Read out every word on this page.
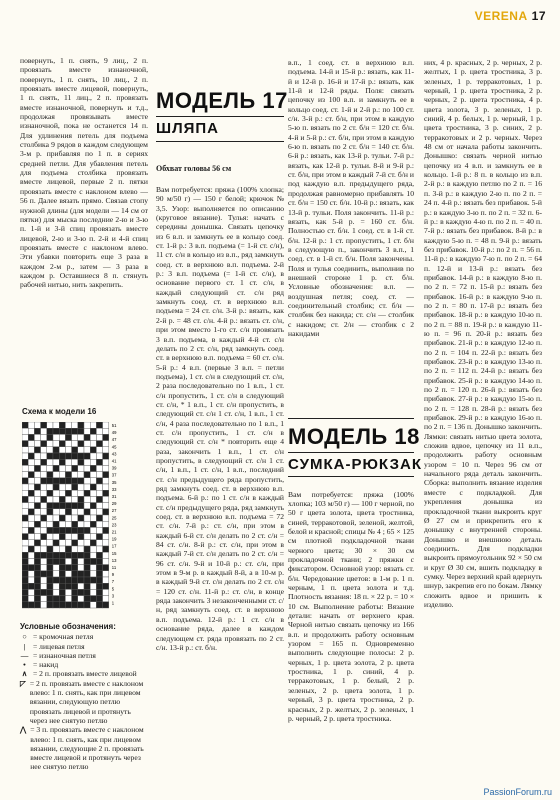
VERENA 17

повернуть, 1 п. снять, 9 лиц., 2 п. провязать вместе изнаночной, повернуть, 1 п. снять, 10 лиц., 2 п. провязать вместе лицевой, повернуть, 1 п. снять, 11 лиц., 2 п. провязать вместе изнаночной, повернуть и т.д., продолжая провязывать вместе изнаночной, пока не останется 14 п. Для удлинения петель для подъема столбика 9 рядов в каждом следующем 3-м р. прибавляя по 1 п. в сериях средней петли. Для убавления петель для подъема столбика провязать вместе лицевой, первые 2 п. пятки провязать вместе с наклоном влево — 56 п. Далее вязать прямо. Связав стопу нужной длины (для модели — 14 см от пятки) для мыска последние 2-ю и 3-ю п. 1-й и 3-й спиц провязать вместе лицевой, 2-ю и 3-ю п. 2-й и 4-й спиц провязать вместе с наклоном влево. Эти убавки повторить еще 3 раза в каждом 2-м р., затем — 3 раза в каждом р. Оставшиеся 8 п. стянуть рабочей нитью, нить закрепить.

Схема к модели 16
51
49
47
45
43
41
39
37
35
33
31
29
27
25
23
21
19
17
15
13
11
9
7
5
3
1
Условные обозначения:
○ = кромочная петля
|	= лицевая петля
— = изнаночная петля
• = накид
∧ = 2 п. провязать вместе лицевой
◸ = 2 п. провязать вместе с наклоном влево: 1 п. снять, как при лицевом вязании, следующую петлю провязать лицевой и протянуть через нее снятую петлю
⋀ = 3 п. провязать вместе с наклоном влево: 1 п. снять, как при лицевом вязании, следующие 2 п. провязать вместе лицевой и протянуть через нее снятую петлю
МОДЕЛЬ 17
ШЛЯПА
Обхват головы 56 см

Вам потребуется: пряжа (100% хлопка; 90 м/50 г) — 150 г белой; крючок № 3,5. Узор: выполняется по описанию (круговое вязание). Тулья: начать с середины донышка. Связать цепочку из 6 в.п. и замкнуть ее в кольцо соед. ст. 1-й р.: 3 в.п. подъема (= 1-й ст. с/н), 11 ст. с/н в кольцо из в.п., ряд замкнуть соед. ст. в верхнюю в.п. подъема. 2-й р.: 3 в.п. подъема (= 1-й ст. с/н), в основание первого ст. 1 ст. с/н, в каждый следующий ст. с/н ряд замкнуть соед. ст. в верхнюю в.п. подъема = 24 ст. с/н. 3-й р.: вязать, как 2-й р. = 48 ст. с/н. 4-й р.: вязать ст. с/н, при этом вместо 1-го ст. с/н провязать 3 в.п. подъема, в каждый 4-й ст. с/н делать по 2 ст. с/н, ряд замкнуть соед. ст. в верхнюю в.п. подъема = 60 ст. с/н. 5-й р.: 4 в.п. (первые 3 в.п. = петли подъема), 1 ст. с/н в следующий ст. с/н, 2 раза последовательно по 1 в.п., 1 ст. с/н пропустить, 1 ст. с/н в следующий ст. с/н, * 1 в.п., 1 ст. с/н пропустить, в следующий ст. с/н 1 ст. с/н, 1 в.п., 1 ст. с/н, 4 раза последовательно по 1 в.п., 1 ст. с/н пропустить, 1 ст. с/н в следующий ст. с/н * повторить еще 4 раза, закончить 1 в.п., 1 ст. с/н пропустить, в следующий ст. с/н 1 ст. с/н, 1 в.п., 1 ст. с/н, 1 в.п., последний ст. с/н предыдущего ряда пропустить, ряд замкнуть соед. ст. в верхнюю в.п. подъема. 6-й р.: по 1 ст. с/н в каждый ст. с/н предыдущего ряда, ряд замкнуть соед. ст. в верхнюю в.п. подъема = 72 ст. с/н. 7-й р.: ст. с/н, при этом в каждый 6-й ст. с/н делать по 2 ст. с/н = 84 ст. с/н. 8-й р.: ст. с/н, при этом в каждый 7-й ст. с/н делать по 2 ст. с/н = 96 ст. с/н. 9-й и 10-й р.: ст. с/н, при этом в 9-м р. в каждый 8-й, а в 10-м р. в каждый 9-й ст. с/н делать по 2 ст. с/н = 120 ст. с/н. 11-й р.: ст. с/н, в конце ряда закончить 3 незаконченными ст. с/н, ряд замкнуть соед. ст. в верхнюю в.п. подъема. 12-й р.: 1 ст. с/н в основание ряда, далее в каждом следующем ст. ряда провязать по 2 ст. с/н. 13-й р.: ст. б/н.

в.п., 1 соед. ст. в верхнюю в.п. подъема. 14-й и 15-й р.: вязать, как 11-й и 12-й р. 16-й и 17-й р.: вязать, как 11-й и 12-й ряды. Поля: связать цепочку из 100 в.п. и замкнуть ее в кольцо соед. ст. 1-й и 2-й р.: по 100 ст. с/н. 3-й р.: ст. б/н, при этом в каждую 5-ю п. вязать по 2 ст. б/н = 120 ст. б/н. 4-й и 5-й р.: ст. б/н, при этом в каждую 6-ю п. вязать по 2 ст. б/н = 140 ст. б/н. 6-й р.: вязать, как 13-й р. тульи. 7-й р.: вязать, как 12-й р. тульи. 8-й и 9-й р.: ст. б/н, при этом в каждый 7-й ст. б/н и под каждую в.п. предыдущего ряда, продолжая равномерно прибавлять 10 ст. б/н = 150 ст. б/н. 10-й р.: вязать, как 13-й р. тульи. Поля закончить. 11-й р.: вязать, как 5-й р. = 160 ст. б/н. Полностью ст. б/н. 1 соед. ст. в 1-й ст. б/н. 12-й р.: 1 ст. пропустить, 1 ст. б/н в следующую п., закончить 3 в.п., 1 соед. ст. в 1-й ст. б/н. Поля закончены. Поля и тулья соединить, выполнив по внешней стороне 1 р. ст. б/н. Условные обозначения: в.п. — воздушная петля; соед. ст. — соединительный столбик; ст. б/н — столбик без накида; ст. с/н — столбик с накидом; ст. 2/н — столбик с 2 накидами

МОДЕЛЬ 18
СУМКА-РЮКЗАК

Вам потребуется: пряжа (100% хлопка; 103 м/50 г) — 100 г черной, по 50 г цвета золота, цвета тростника, синей, терракотовой, зеленой, желтой, белой и красной; спицы № 4 ; 65 × 125 см плотной подкладочной ткани черного цвета; 30 × 30 см прокладочной ткани; 2 пряжки с фиксатором. Основной узор: вязать ст. б/н. Чередование цветов: в 1-м р. 1 п. черным, 1 п. цвета золота и т.д. Плотность вязания: 18 п. × 22 р. = 10 × 10 см. Выполнение работы: Вязание детали: начать от верхнего края. Черной нитью связать цепочку из 166 в.п. и продолжить работу основным узором = 165 п. Одновременно выполнить следующие полосы: 2 р. черных, 1 р. цвета золота, 2 р. цвета тростника, 1 р. синий, 4 р. терракотовых, 1 р. белый, 2 р. зеленых, 2 р. цвета золота, 1 р. черный, 3 р. цвета тростника, 2 р. красных, 2 р. желтых, 2 р. зеленых, 1 р. черный, 2 р. цвета тростника.

них, 4 р. красных, 2 р. черных, 2 р. желтых, 1 р. цвета тростника, 3 р. зеленых, 1 р. терракотовых, 1 р. черный, 1 р. цвета тростника, 2 р. черных, 2 р. цвета тростника, 4 р. цвета золота, 3 р. зеленых, 1 р. синий, 4 р. белых, 1 р. черный, 1 р. цвета тростника, 3 р. синих, 2 р. терракотовых и 2 р. черных. Через 48 см от начала работы закончить. Донышко: связать черной нитью цепочку из 4 в.п. и замкнуть ее в кольцо. 1-й р.: 8 п. в кольцо из в.п. 2-й р.: в каждую петлю по 2 п. = 16 п. 3-й р.: в каждую 2-ю п. по 2 п. = 24 п. 4-й р.: вязать без прибавок. 5-й р.: в каждую 3-ю п. по 2 п. = 32 п. 6-й р.: в каждую 4-ю п. по 2 п. = 40 п. 7-й р.: вязать без прибавок. 8-й р.: в каждую 5-ю п. = 48 п. 9-й р.: вязать без прибавок. 10-й р.: по 2 п. = 56 п. 11-й р.: в каждую 7-ю п. по 2 п. = 64 п. 12-й и 13-й р.: вязать без прибавок. 14-й р.: в каждую 8-ю п. по 2 п. = 72 п. 15-й р.: вязать без прибавок. 16-й р.: в каждую 9-ю п. по 2 п. = 80 п. 17-й р.: вязать без прибавок. 18-й р.: в каждую 10-ю п. по 2 п. = 88 п. 19-й р.: в каждую 11-ю п. = 96 п. 20-й р.: вязать без прибавок. 21-й р.: в каждую 12-ю п. по 2 п. = 104 п. 22-й р.: вязать без прибавок. 23-й р.: в каждую 13-ю п. по 2 п. = 112 п. 24-й р.: вязать без прибавок. 25-й р.: в каждую 14-ю п. по 2 п. = 120 п. 26-й р.: вязать без прибавок. 27-й р.: в каждую 15-ю п. по 2 п. = 128 п. 28-й р.: вязать без прибавок. 29-й р.: в каждую 16-ю п. по 2 п. = 136 п. Донышко закончить. Лямки: связать нитью цвета золота, сложив вдвое, цепочку из 11 в.п., продолжить работу основным узором = 10 п. Через 96 см от начального ряда деталь закончить. Сборка: выполнить вязание изделия вместе с подкладкой. Для укрепления донышка из прокладочной ткани выкроить круг Ø 27 см и прикрепить его к донышку с внутренней стороны. Донышко и внешнюю деталь соединить. Для подкладки выкроить прямоугольник 92 × 50 см и круг Ø 30 см, вшить подкладку в сумку. Через верхний край вдернуть шнур, закрепив его по бокам. Лямку сложить вдвое и пришить к изделию.

PassionForum.ru
